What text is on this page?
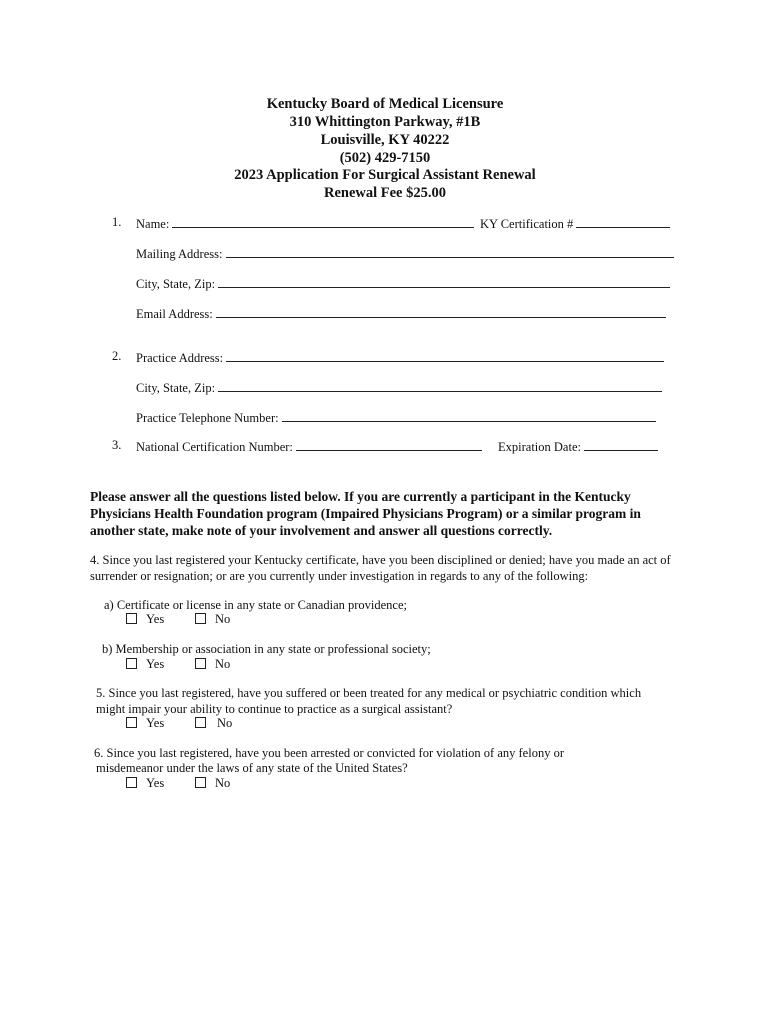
Kentucky Board of Medical Licensure
310 Whittington Parkway, #1B
Louisville, KY 40222
(502) 429-7150
2023 Application For Surgical Assistant Renewal
Renewal Fee $25.00
1. Name:	KY Certification #
Mailing Address:
City, State, Zip:
Email Address:
2. Practice Address:
City, State, Zip:
Practice Telephone Number:
3. National Certification Number:	Expiration Date:
Please answer all the questions listed below. If you are currently a participant in the Kentucky Physicians Health Foundation program (Impaired Physicians Program) or a similar program in another state, make note of your involvement and answer all questions correctly.
4. Since you last registered your Kentucky certificate, have you been disciplined or denied; have you made an act of
surrender or resignation; or are you currently under investigation in regards to any of the following:
a) Certificate or license in any state or Canadian providence;
Yes	No
b) Membership or association in any state or professional society;
Yes	No
5. Since you last registered, have you suffered or been treated for any medical or psychiatric condition which
might impair your ability to continue to practice as a surgical assistant?
Yes	No
6. Since you last registered, have you been arrested or convicted for violation of any felony or
misdemeanor under the laws of any state of the United States?
Yes	No
